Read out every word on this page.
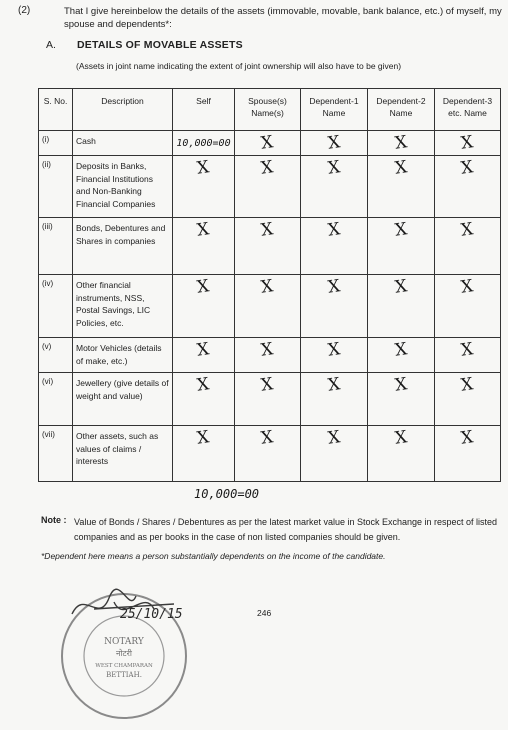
(2)	That I give hereinbelow the details of the assets (immovable, movable, bank balance, etc.) of myself, my spouse and dependents*:
A. DETAILS OF MOVABLE ASSETS
(Assets in joint name indicating the extent of joint ownership will also have to be given)
S. No.	Description	Self	Spouse(s) Name(s)	Dependent-1 Name	Dependent-2 Name	Dependent-3 etc. Name
(i)	Cash	10,000=00	X	X	X	X
(ii)	Deposits in Banks, Financial Institutions and Non-Banking Financial Companies	X	X	X	X	X
(iii)	Bonds, Debentures and Shares in companies	X	X	X	X	X
(iv)	Other financial instruments, NSS, Postal Savings, LIC Policies, etc.	X	X	X	X	X
(v)	Motor Vehicles (details of make, etc.)	X	X	X	X	X
(vi)	Jewellery (give details of weight and value)	X	X	X	X	X
(vii)	Other assets, such as values of claims / interests	X	X	X	X	X
10,000=00
Note : Value of Bonds / Shares / Debentures as per the latest market value in Stock Exchange in respect of listed companies and as per books in the case of non listed companies should be given.
*Dependent here means a person substantially dependents on the income of the candidate.
246
NOTARY
नोटरी
WEST CHAMPARAN
BETTIAH.
25/10/15
